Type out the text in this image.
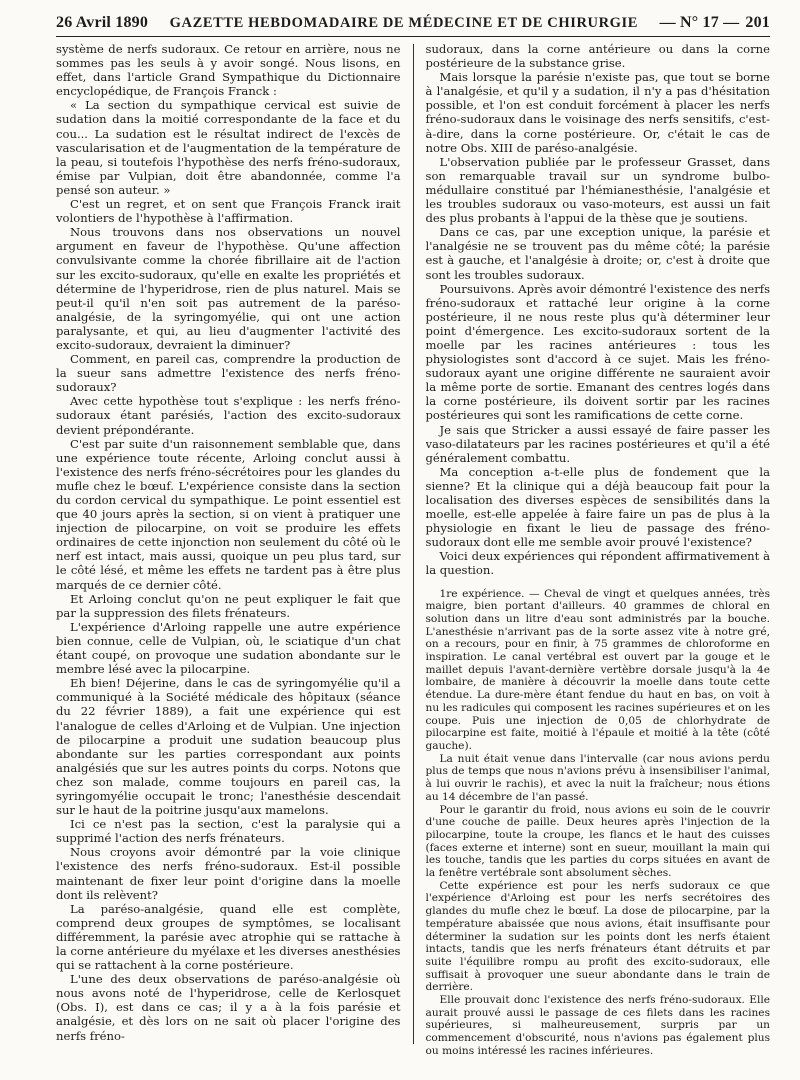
26 Avril 1890 GAZETTE HEBDOMADAIRE DE MÉDECINE ET DE CHIRURGIE — N° 17 — 201

système de nerfs sudoraux. Ce retour en arrière, nous ne sommes pas les seuls à y avoir songé. Nous lisons, en effet, dans l'article Grand Sympathique du Dictionnaire encyclopédique, de François Franck :

« La section du sympathique cervical est suivie de sudation dans la moitié correspondante de la face et du cou... La sudation est le résultat indirect de l'excès de vascularisation et de l'augmentation de la température de la peau, si toutefois l'hypothèse des nerfs fréno-sudoraux, émise par Vulpian, doit être abandonnée, comme l'a pensé son auteur. »

C'est un regret, et on sent que François Franck irait volontiers de l'hypothèse à l'affirmation.

Nous trouvons dans nos observations un nouvel argument en faveur de l'hypothèse. Qu'une affection convulsivante comme la chorée fibrillaire ait de l'action sur les excito-sudoraux, qu'elle en exalte les propriétés et détermine de l'hyperidrose, rien de plus naturel. Mais se peut-il qu'il n'en soit pas autrement de la paréso-analgésie, de la syringomyélie, qui ont une action paralysante, et qui, au lieu d'augmenter l'activité des excito-sudoraux, devraient la diminuer?

Comment, en pareil cas, comprendre la production de la sueur sans admettre l'existence des nerfs fréno-sudoraux?

Avec cette hypothèse tout s'explique : les nerfs fréno-sudoraux étant parésiés, l'action des excito-sudoraux devient prépondérante.

C'est par suite d'un raisonnement semblable que, dans une expérience toute récente, Arloing conclut aussi à l'existence des nerfs fréno-sécrétoires pour les glandes du mufle chez le bœuf. L'expérience consiste dans la section du cordon cervical du sympathique. Le point essentiel est que 40 jours après la section, si on vient à pratiquer une injection de pilocarpine, on voit se produire les effets ordinaires de cette injonction non seulement du côté où le nerf est intact, mais aussi, quoique un peu plus tard, sur le côté lésé, et même les effets ne tardent pas à être plus marqués de ce dernier côté.

Et Arloing conclut qu'on ne peut expliquer le fait que par la suppression des filets frénateurs.

L'expérience d'Arloing rappelle une autre expérience bien connue, celle de Vulpian, où, le sciatique d'un chat étant coupé, on provoque une sudation abondante sur le membre lésé avec la pilocarpine.

Eh bien! Déjerine, dans le cas de syringomyélie qu'il a communiqué à la Société médicale des hôpitaux (séance du 22 février 1889), a fait une expérience qui est l'analogue de celles d'Arloing et de Vulpian. Une injection de pilocarpine a produit une sudation beaucoup plus abondante sur les parties correspondant aux points analgésiés que sur les autres points du corps. Notons que chez son malade, comme toujours en pareil cas, la syringomyélie occupait le tronc; l'anesthésie descendait sur le haut de la poitrine jusqu'aux mamelons.

Ici ce n'est pas la section, c'est la paralysie qui a supprimé l'action des nerfs frénateurs.

Nous croyons avoir démontré par la voie clinique l'existence des nerfs fréno-sudoraux. Est-il possible maintenant de fixer leur point d'origine dans la moelle dont ils relèvent?

La paréso-analgésie, quand elle est complète, comprend deux groupes de symptômes, se localisant différemment, la parésie avec atrophie qui se rattache à la corne antérieure du myélaxe et les diverses anesthésies qui se rattachent à la corne postérieure.

L'une des deux observations de paréso-analgésie où nous avons noté de l'hyperidrose, celle de Kerlosquet (Obs. I), est dans ce cas; il y a à la fois parésie et analgésie, et dès lors on ne sait où placer l'origine des nerfs fréno-

sudoraux, dans la corne antérieure ou dans la corne postérieure de la substance grise.

Mais lorsque la parésie n'existe pas, que tout se borne à l'analgésie, et qu'il y a sudation, il n'y a pas d'hésitation possible, et l'on est conduit forcément à placer les nerfs fréno-sudoraux dans le voisinage des nerfs sensitifs, c'est-à-dire, dans la corne postérieure. Or, c'était le cas de notre Obs. XIII de paréso-analgésie.

L'observation publiée par le professeur Grasset, dans son remarquable travail sur un syndrome bulbo-médullaire constitué par l'hémianesthésie, l'analgésie et les troubles sudoraux ou vaso-moteurs, est aussi un fait des plus probants à l'appui de la thèse que je soutiens.

Dans ce cas, par une exception unique, la parésie et l'analgésie ne se trouvent pas du même côté; la parésie est à gauche, et l'analgésie à droite; or, c'est à droite que sont les troubles sudoraux.

Poursuivons. Après avoir démontré l'existence des nerfs fréno-sudoraux et rattaché leur origine à la corne postérieure, il ne nous reste plus qu'à déterminer leur point d'émergence. Les excito-sudoraux sortent de la moelle par les racines antérieures : tous les physiologistes sont d'accord à ce sujet. Mais les fréno-sudoraux ayant une origine différente ne sauraient avoir la même porte de sortie. Emanant des centres logés dans la corne postérieure, ils doivent sortir par les racines postérieures qui sont les ramifications de cette corne.

Je sais que Stricker a aussi essayé de faire passer les vaso-dilatateurs par les racines postérieures et qu'il a été généralement combattu.

Ma conception a-t-elle plus de fondement que la sienne? Et la clinique qui a déjà beaucoup fait pour la localisation des diverses espèces de sensibilités dans la moelle, est-elle appelée à faire faire un pas de plus à la physiologie en fixant le lieu de passage des fréno-sudoraux dont elle me semble avoir prouvé l'existence?

Voici deux expériences qui répondent affirmativement à la question.

1re expérience. — Cheval de vingt et quelques années, très maigre, bien portant d'ailleurs. 40 grammes de chloral en solution dans un litre d'eau sont administrés par la bouche. L'anesthésie n'arrivant pas de la sorte assez vite à notre gré, on a recours, pour en finir, à 75 grammes de chloroforme en inspiration. Le canal vertébral est ouvert par la gouge et le maillet depuis l'avant-dernière vertèbre dorsale jusqu'à la 4e lombaire, de manière à découvrir la moelle dans toute cette étendue. La dure-mère étant fendue du haut en bas, on voit à nu les radicules qui composent les racines supérieures et on les coupe. Puis une injection de 0,05 de chlorhydrate de pilocarpine est faite, moitié à l'épaule et moitié à la tête (côté gauche).

La nuit était venue dans l'intervalle (car nous avions perdu plus de temps que nous n'avions prévu à insensibiliser l'animal, à lui ouvrir le rachis), et avec la nuit la fraîcheur; nous étions au 14 décembre de l'an passé.

Pour le garantir du froid, nous avions eu soin de le couvrir d'une couche de paille. Deux heures après l'injection de la pilocarpine, toute la croupe, les flancs et le haut des cuisses (faces externe et interne) sont en sueur, mouillant la main qui les touche, tandis que les parties du corps situées en avant de la fenêtre vertébrale sont absolument sèches.

Cette expérience est pour les nerfs sudoraux ce que l'expérience d'Arloing est pour les nerfs secrétoires des glandes du mufle chez le bœuf. La dose de pilocarpine, par la température abaissée que nous avions, était insuffisante pour déterminer la sudation sur les points dont les nerfs étaient intacts, tandis que les nerfs frénateurs étant détruits et par suite l'équilibre rompu au profit des excito-sudoraux, elle suffisait à provoquer une sueur abondante dans le train de derrière.

Elle prouvait donc l'existence des nerfs fréno-sudoraux. Elle aurait prouvé aussi le passage de ces filets dans les racines supérieures, si malheureusement, surpris par un commencement d'obscurité, nous n'avions pas également plus ou moins intéressé les racines inférieures.
